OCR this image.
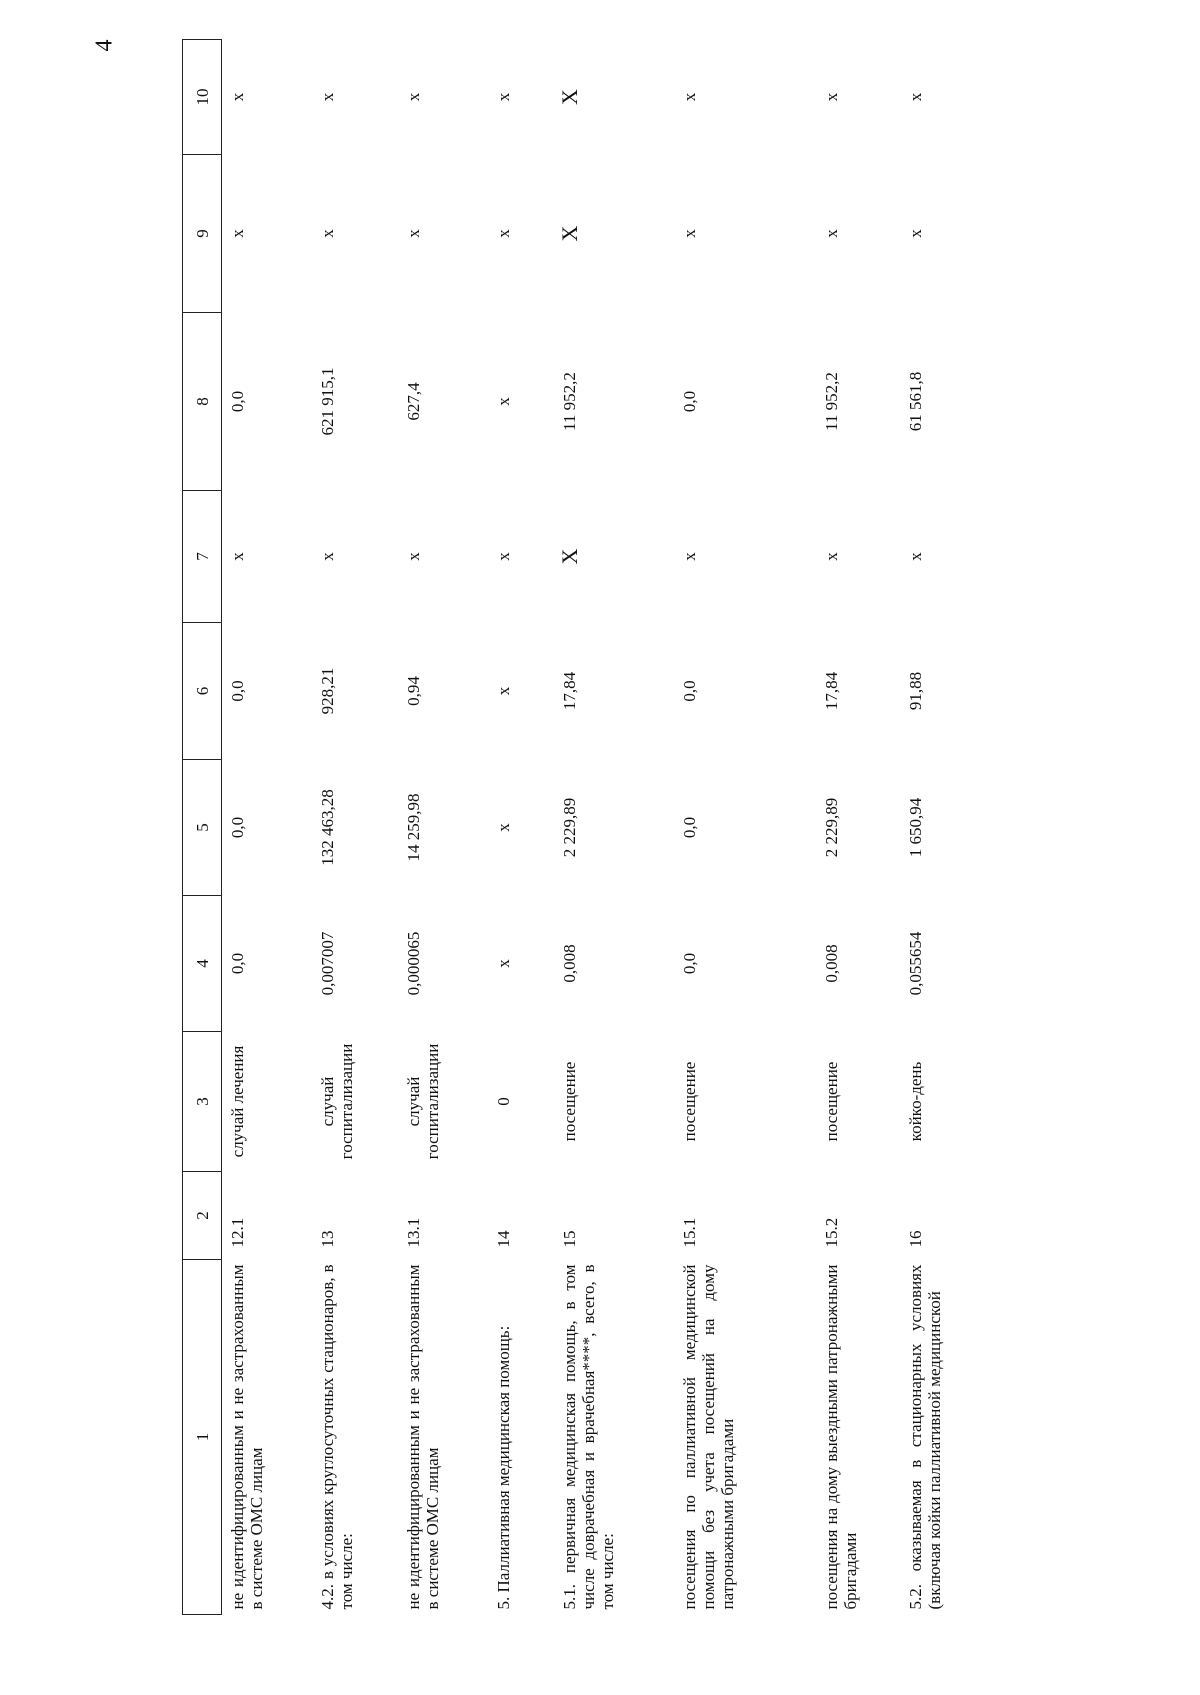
4
1	2	3	4	5	6	7	8	9	10
не идентифицированным и не застрахованным в системе ОМС лицам	12.1	случай лечения	0,0	0,0	0,0	х	0,0	х	х
4.2. в условиях круглосуточных стационаров, в том числе:	13	случай госпитализации	0,007007	132 463,28	928,21	х	621 915,1	х	х
не идентифицированным и не застрахованным в системе ОМС лицам	13.1	случай госпитализации	0,000065	14 259,98	0,94	х	627,4	х	х
5. Паллиативная медицинская помощь:	14	0	х	х	х	х	х	х	х
5.1. первичная медицинская помощь, в том числе доврачебная и врачебная****, всего, в том числе:	15	посещение	0,008	2 229,89	17,84	Х	11 952,2	Х	Х
посещения по паллиативной медицинской помощи без учета посещений на дому патронажными бригадами	15.1	посещение	0,0	0,0	0,0	х	0,0	х	х
посещения на дому выездными патронажными бригадами	15.2	посещение	0,008	2 229,89	17,84	х	11 952,2	х	х
5.2. оказываемая в стационарных условиях (включая койки паллиативной медицинской	16	койко-день	0,055654	1 650,94	91,88	х	61 561,8	х	х
